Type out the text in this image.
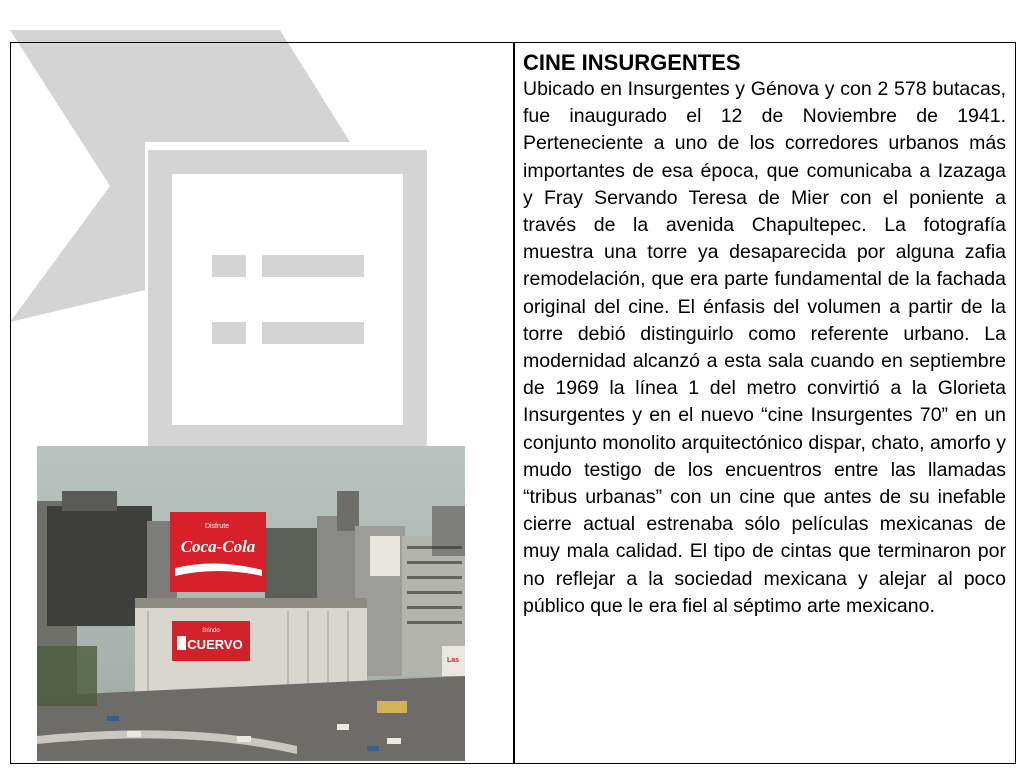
Disfrute
Coca-Cola
Brindo
CUERVO
Las
CINE INSURGENTES
Ubicado en Insurgentes y Génova y con 2 578 butacas, fue inaugurado el 12 de Noviembre de 1941. Perteneciente a uno de los corredores urbanos más importantes de esa época, que comunicaba a Izazaga y Fray Servando Teresa de Mier con el poniente a través de la avenida Chapultepec. La fotografía muestra una torre ya desaparecida por alguna zafia remodelación, que era parte fundamental de la fachada original del cine. El énfasis del volumen a partir de la torre debió distinguirlo como referente urbano. La modernidad alcanzó a esta sala cuando en septiembre de 1969 la línea 1 del metro convirtió a la Glorieta Insurgentes y en el nuevo “cine Insurgentes 70” en un conjunto monolito arquitectónico dispar, chato, amorfo y mudo testigo de los encuentros entre las llamadas “tribus urbanas” con un cine que antes de su inefable cierre actual estrenaba sólo películas mexicanas de muy mala calidad. El tipo de cintas que terminaron por no reflejar a la sociedad mexicana y alejar al poco público que le era fiel al séptimo arte mexicano.
